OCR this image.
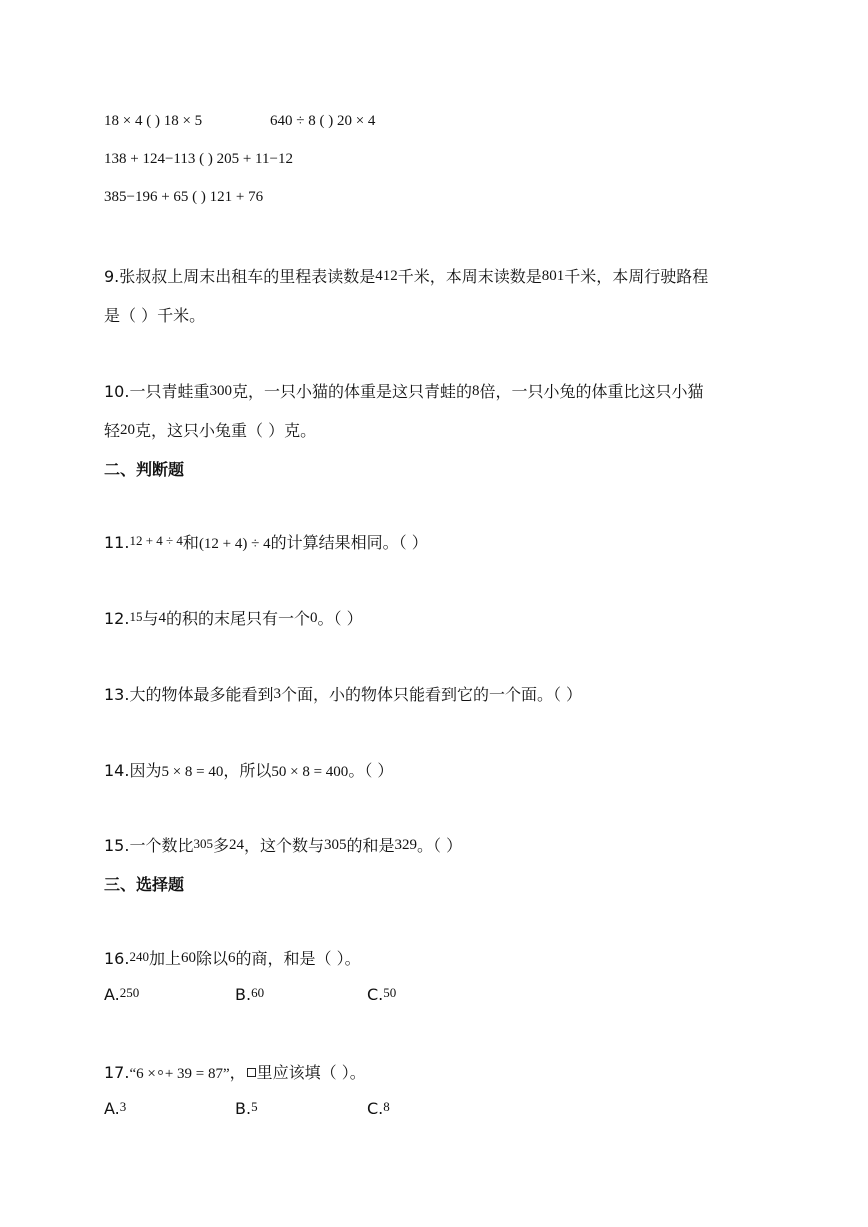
18 × 4 ( ) 18 × 5	640 ÷ 8 ( ) 20 × 4
138 + 124−113 ( ) 205 + 11−12
385−196 + 65 ( ) 121 + 76
9.张叔叔上周末出租车的里程表读数是412千米，本周末读数是801千米，本周行驶路程
是（ ）千米。
10.一只青蛙重300克，一只小猫的体重是这只青蛙的8倍，一只小兔的体重比这只小猫
轻20克，这只小兔重（ ）克。
二、判断题
11.$^{12 + 4 \div 4}$和(12 + 4) ÷ 4的计算结果相同。（ ）
12.15与4的积的末尾只有一个0。（ ）
13.大的物体最多能看到3个面，小的物体只能看到它的一个面。（ ）
14.因为5 × 8 = 40，所以50 × 8 = 400。（ ）
15.一个数比$^{305}$多24，这个数与305的和是329。（ ）
三、选择题
16.$^{240}$加上60除以6的商，和是（ ）。
A.$^{250}$	B.$^{60}$	C.$^{50}$
17.“6 × + 39 = 87”， 里应该填（ ）。
A.$^3$	B.$^5$	C.$^8$
